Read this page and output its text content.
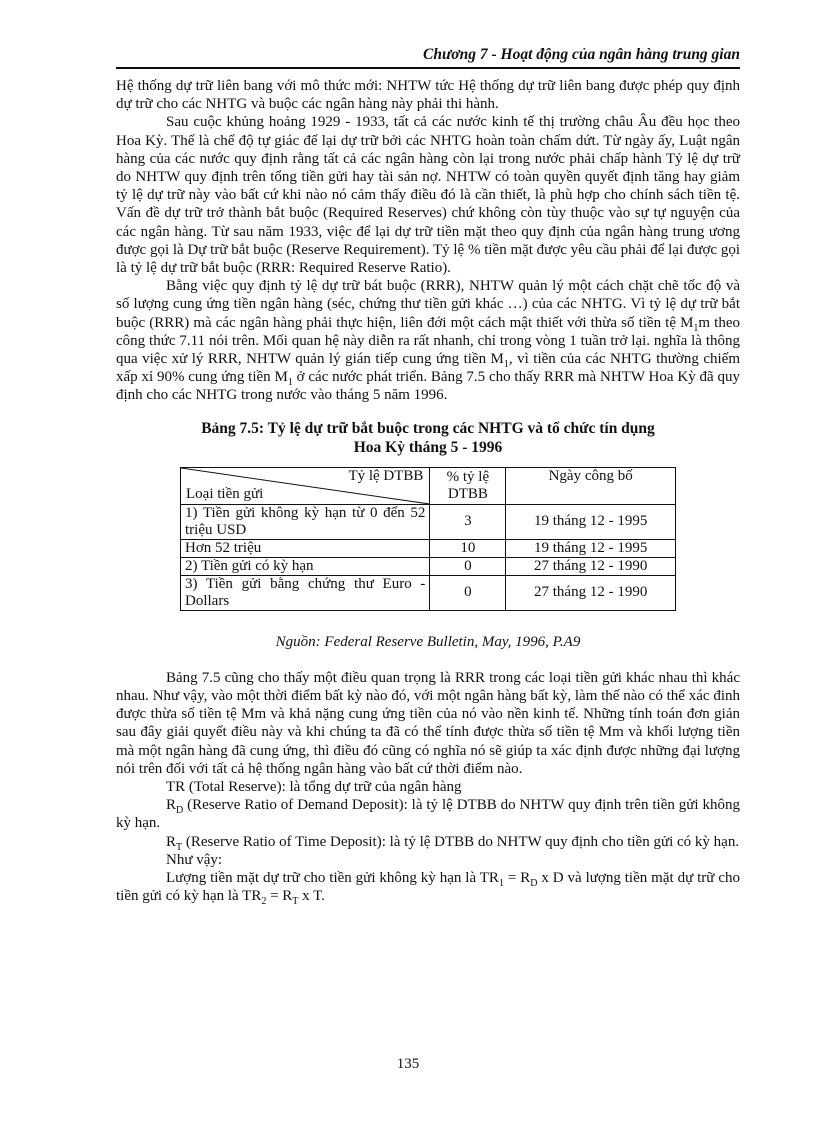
Chương 7 - Hoạt động của ngân hàng trung gian

Hệ thống dự trữ liên bang với mô thức mới: NHTW tức Hệ thống dự trữ liên bang được phép quy định dự trữ cho các NHTG và buộc các ngân hàng này phải thi hành.

Sau cuộc khủng hoảng 1929 - 1933, tất cả các nước kinh tế thị trường châu Âu đều học theo Hoa Kỳ. Thế là chế độ tự giác để lại dự trữ bởi các NHTG hoàn toàn chấm dứt. Từ ngày ấy, Luật ngân hàng của các nước quy định rằng tất cả các ngân hàng còn lại trong nước phải chấp hành Tỷ lệ dự trữ do NHTW quy định trên tổng tiền gửi hay tài sản nợ. NHTW có toàn quyền quyết định tăng hay giảm tỷ lệ dự trữ này vào bất cứ khi nào nó cảm thấy điều đó là cần thiết, là phù hợp cho chính sách tiền tệ. Vấn đề dự trữ trở thành bắt buộc (Required Reserves) chứ không còn tùy thuộc vào sự tự nguyện của các ngân hàng. Từ sau năm 1933, việc để lại dự trữ tiền mặt theo quy định của ngân hàng trung ương được gọi là Dự trữ bắt buộc (Reserve Requirement). Tỷ lệ % tiền mặt được yêu cầu phải để lại được gọi là tỷ lệ dự trữ bắt buộc (RRR: Required Reserve Ratio).

Bằng việc quy định tỷ lệ dự trữ bát buộc (RRR), NHTW quản lý một cách chặt chẽ tốc độ và số lượng cung ứng tiền ngân hàng (séc, chứng thư tiền gửi khác …) của các NHTG. Vì tỷ lệ dự trữ bắt buộc (RRR) mà các ngân hàng phải thực hiện, liên đới một cách mật thiết với thừa số tiền tệ $M_1m$ theo công thức 7.11 nói trên. Mối quan hệ này diễn ra rất nhanh, chỉ trong vòng 1 tuần trở lại. nghĩa là thông qua việc xử lý RRR, NHTW quản lý gián tiếp cung ứng tiền $M_1$, vì tiền của các NHTG thường chiếm xấp xỉ 90% cung ứng tiền $M_1$ ở các nước phát triển. Bảng 7.5 cho thấy RRR mà NHTW Hoa Kỳ đã quy định cho các NHTG trong nước vào tháng 5 năm 1996.

Bảng 7.5: Tỷ lệ dự trữ bắt buộc trong các NHTG và tổ chức tín dụng
Hoa Kỳ tháng 5 - 1996
Tỷ lệ DTBB
Loại tiền gửi	% tỷ lệ DTBB	Ngày công bố
1) Tiền gửi không kỳ hạn từ 0 đến 52 triệu USD	3	19 tháng 12 - 1995
Hơn 52 triệu	10	19 tháng 12 - 1995
2) Tiền gửi có kỳ hạn	0	27 tháng 12 - 1990
3) Tiền gửi bằng chứng thư Euro - Dollars	0	27 tháng 12 - 1990
Nguồn: Federal Reserve Bulletin, May, 1996, P.A9

Bảng 7.5 cũng cho thấy một điều quan trọng là RRR trong các loại tiền gửi khác nhau thì khác nhau. Như vậy, vào một thời điểm bất kỳ nào đó, với một ngân hàng bất kỳ, làm thế nào có thể xác đinh được thừa số tiền tệ Mm và khả nặng cung ứng tiền của nó vào nền kinh tế. Những tính toán đơn giản sau đây giải quyết điều này và khi chúng ta đã có thể tính được thừa số tiền tệ Mm và khối lượng tiền mà một ngân hàng đã cung ứng, thì điều đó cũng có nghĩa nó sẽ giúp ta xác định được những đại lượng nói trên đối với tất cả hệ thống ngân hàng vào bất cứ thời điểm nào.

TR (Total Reserve): là tổng dự trữ của ngân hàng

$R_D$ (Reserve Ratio of Demand Deposit): là tỷ lệ DTBB do NHTW quy định trên tiền gửi không kỳ hạn.

$R_T$ (Reserve Ratio of Time Deposit): là tỷ lệ DTBB do NHTW quy định cho tiền gửi có kỳ hạn.

Như vậy:

Lượng tiền mặt dự trữ cho tiền gửi không kỳ hạn là $TR_1 = R_D$ x D và lượng tiền mặt dự trữ cho tiền gửi có kỳ hạn là $TR_2 = R_T$ x T.

135
